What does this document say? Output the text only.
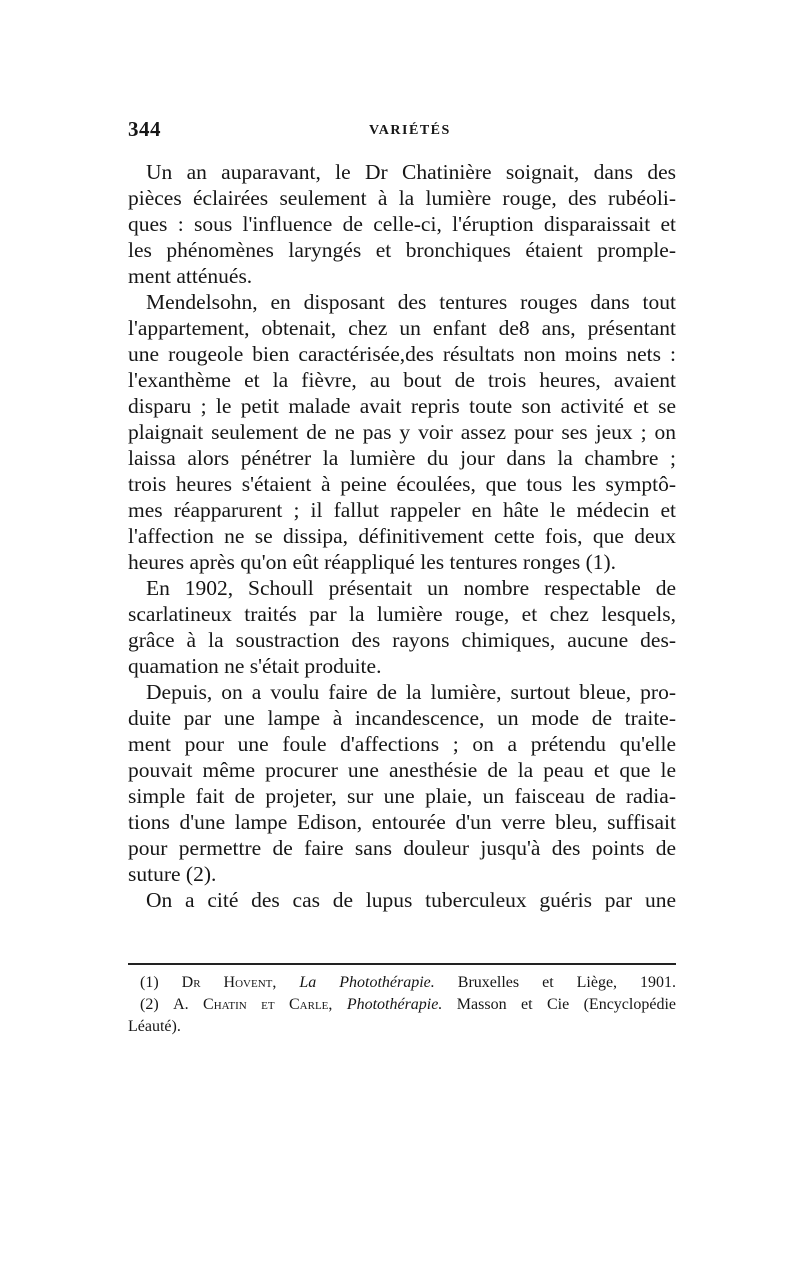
344	VARIÉTÉS
Un an auparavant, le Dr Chatinière soignait, dans des
pièces éclairées seulement à la lumière rouge, des rubéoli-
ques : sous l'influence de celle-ci, l'éruption disparaissait et
les phénomènes laryngés et bronchiques étaient promple-
ment atténués.
Mendelsohn, en disposant des tentures rouges dans tout
l'appartement, obtenait, chez un enfant de8 ans, présentant
une rougeole bien caractérisée,des résultats non moins nets :
l'exanthème et la fièvre, au bout de trois heures, avaient
disparu ; le petit malade avait repris toute son activité et se
plaignait seulement de ne pas y voir assez pour ses jeux ; on
laissa alors pénétrer la lumière du jour dans la chambre ;
trois heures s'étaient à peine écoulées, que tous les symptô-
mes réapparurent ; il fallut rappeler en hâte le médecin et
l'affection ne se dissipa, définitivement cette fois, que deux
heures après qu'on eût réappliqué les tentures ronges (1).
En 1902, Schoull présentait un nombre respectable de
scarlatineux traités par la lumière rouge, et chez lesquels,
grâce à la soustraction des rayons chimiques, aucune des-
quamation ne s'était produite.
Depuis, on a voulu faire de la lumière, surtout bleue, pro-
duite par une lampe à incandescence, un mode de traite-
ment pour une foule d'affections ; on a prétendu qu'elle
pouvait même procurer une anesthésie de la peau et que le
simple fait de projeter, sur une plaie, un faisceau de radia-
tions d'une lampe Edison, entourée d'un verre bleu, suffisait
pour permettre de faire sans douleur jusqu'à des points de
suture (2).
On a cité des cas de lupus tuberculeux guéris par une
(1) Dr Hovent, La Photothérapie. Bruxelles et Liège, 1901.
(2) A. Chatin et Carle, Photothérapie. Masson et Cie (Encyclopédie
Léauté).
